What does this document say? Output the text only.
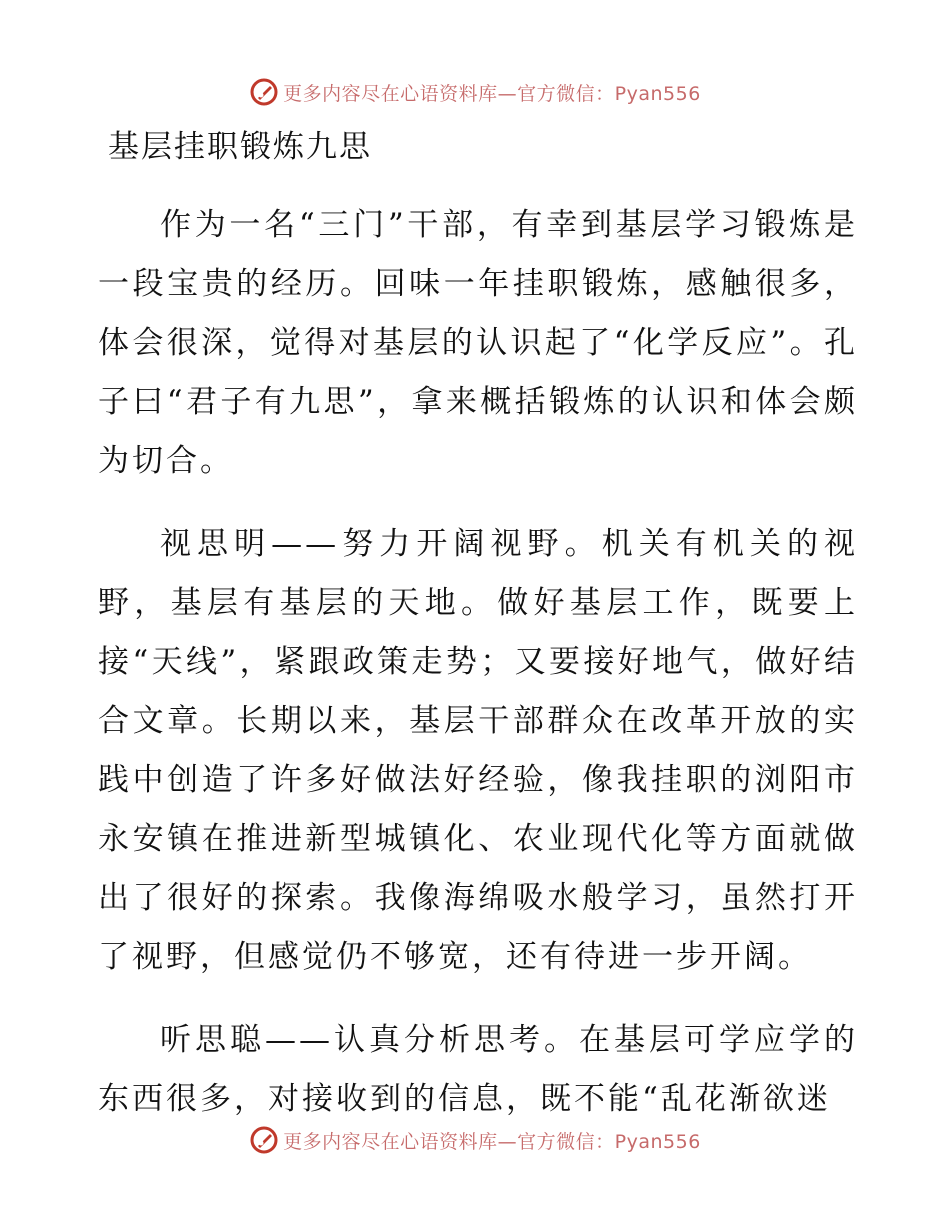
更多内容尽在心语资料库—官方微信：Pyan556
基层挂职锻炼九思

作为一名“三门”干部，有幸到基层学习锻炼是一段宝贵的经历。回味一年挂职锻炼，感触很多，体会很深，觉得对基层的认识起了“化学反应”。孔子曰“君子有九思”，拿来概括锻炼的认识和体会颇为切合。

视思明——努力开阔视野。机关有机关的视野，基层有基层的天地。做好基层工作，既要上接“天线”，紧跟政策走势；又要接好地气，做好结合文章。长期以来，基层干部群众在改革开放的实践中创造了许多好做法好经验，像我挂职的浏阳市永安镇在推进新型城镇化、农业现代化等方面就做出了很好的探索。我像海绵吸水般学习，虽然打开了视野，但感觉仍不够宽，还有待进一步开阔。

听思聪——认真分析思考。在基层可学应学的东西很多，对接收到的信息，既不能“乱花渐欲迷

更多内容尽在心语资料库—官方微信：Pyan556
